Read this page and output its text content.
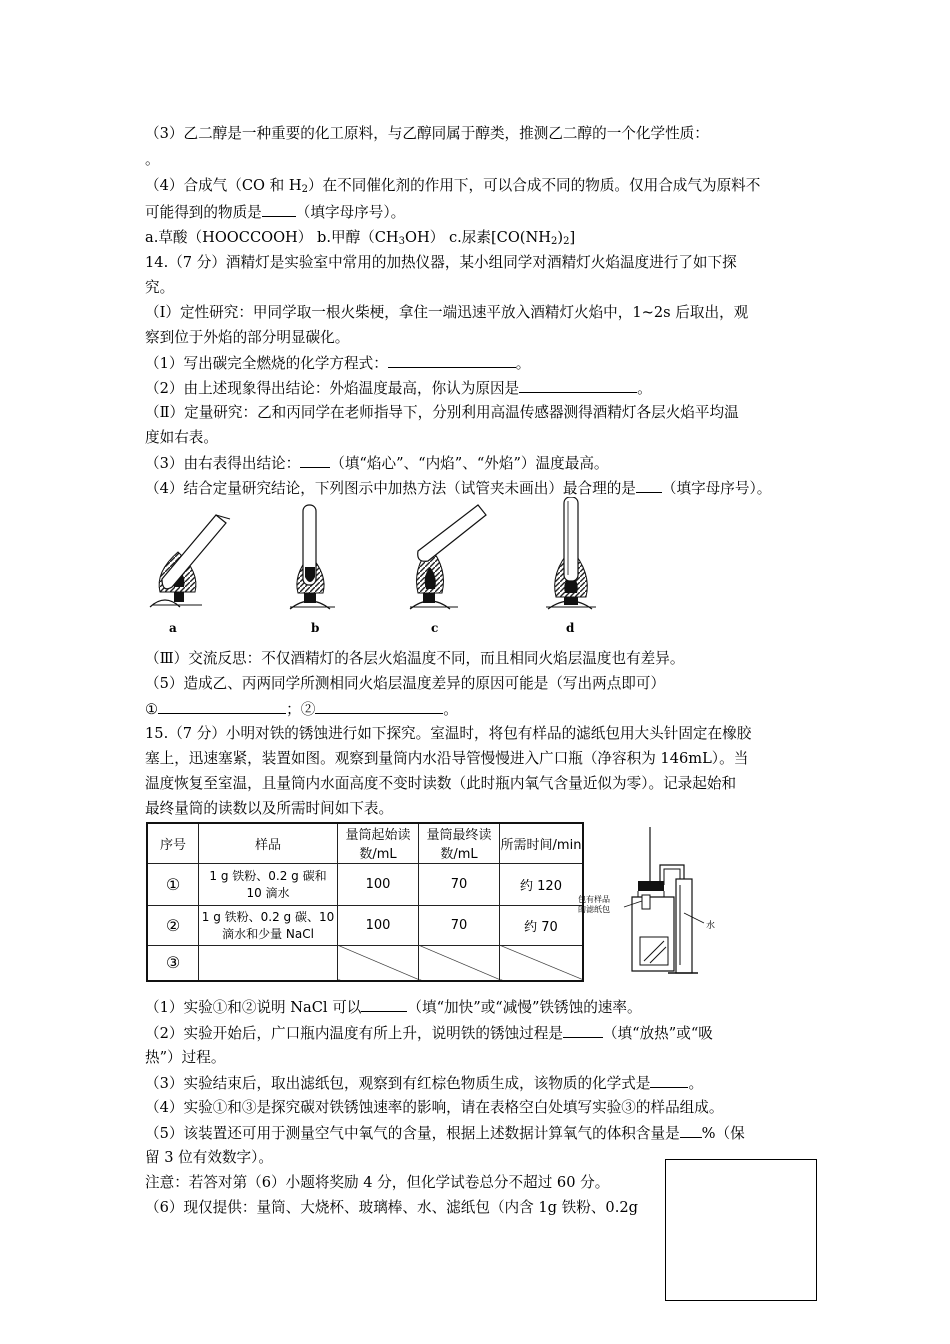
（3）乙二醇是一种重要的化工原料，与乙醇同属于醇类，推测乙二醇的一个化学性质：
。
（4）合成气（CO 和 $H_2$）在不同催化剂的作用下，可以合成不同的物质。仅用合成气为原料不
可能得到的物质是 （填字母序号）。
a.草酸（HOOCCOOH） b.甲醇$(CH_3OH)$ c.尿素$[CO(NH_2)_2]$
14.（7 分）酒精灯是实验室中常用的加热仪器，某小组同学对酒精灯火焰温度进行了如下探
究。
（Ⅰ）定性研究：甲同学取一根火柴梗，拿住一端迅速平放入酒精灯火焰中，1~2s 后取出，观
察到位于外焰的部分明显碳化。
（1）写出碳完全燃烧的化学方程式：	。
（2）由上述现象得出结论：外焰温度最高，你认为原因是	。
（Ⅱ）定量研究：乙和丙同学在老师指导下，分别利用高温传感器测得酒精灯各层火焰平均温
度如右表。
（3）由右表得出结论： （填“焰心”、“内焰”、“外焰”）温度最高。
（4）结合定量研究结论，下列图示中加热方法（试管夹未画出）最合理的是 （填字母序号）。
a	b	c	d
（Ⅲ）交流反思：不仅酒精灯的各层火焰温度不同，而且相同火焰层温度也有差异。
（5）造成乙、丙两同学所测相同火焰层温度差异的原因可能是（写出两点即可）
①	；②	。
15.（7 分）小明对铁的锈蚀进行如下探究。室温时，将包有样品的滤纸包用大头针固定在橡胶
塞上，迅速塞紧，装置如图。观察到量筒内水沿导管慢慢进入广口瓶（净容积为 146mL）。当
温度恢复至室温，且量筒内水面高度不变时读数（此时瓶内氧气含量近似为零）。记录起始和
最终量筒的读数以及所需时间如下表。
序号	样品	量筒起始读数/mL	量筒最终读数/mL	所需时间/min
①	1 g 铁粉、0.2 g 碳和 10 滴水	100	70	约 120
②	1 g 铁粉、0.2 g 碳、10 滴水和少量 NaCl	100	70	约 70
③				
包有样品
的滤纸包
水
（1）实验①和②说明 NaCl 可以	（填“加快”或“减慢”铁锈蚀的速率。
（2）实验开始后，广口瓶内温度有所上升，说明铁的锈蚀过程是	（填“放热”或“吸
热”）过程。
（3）实验结束后，取出滤纸包，观察到有红棕色物质生成，该物质的化学式是	。
（4）实验①和③是探究碳对铁锈蚀速率的影响，请在表格空白处填写实验③的样品组成。
（5）该装置还可用于测量空气中氧气的含量，根据上述数据计算氧气的体积含量是 %（保
留 3 位有效数字）。
注意：若答对第（6）小题将奖励 4 分，但化学试卷总分不超过 60 分。
（6）现仅提供：量筒、大烧杯、玻璃棒、水、滤纸包（内含 1g 铁粉、0.2g
